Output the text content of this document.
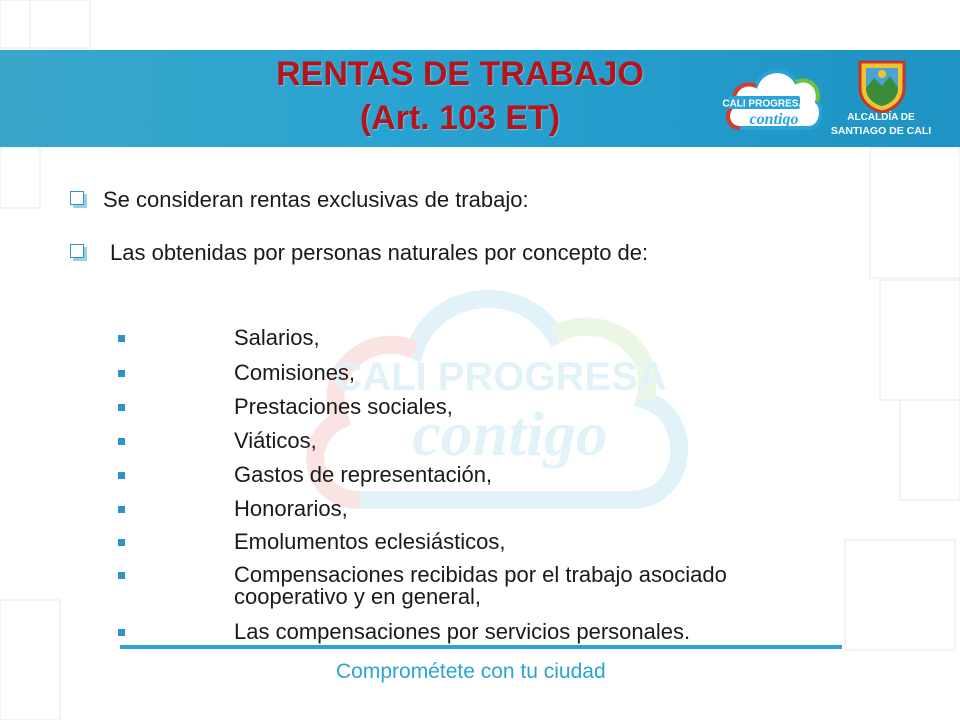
CALI PROGRESA
contigo
RENTAS DE TRABAJO
(Art. 103 ET)	CALI PROGRESA
contigo	ALCALDÍA DE
SANTIAGO DE CALI
Se consideran rentas exclusivas de trabajo:
Las obtenidas por personas naturales por concepto de:
Salarios,
Comisiones,
Prestaciones sociales,
Viáticos,
Gastos de representación,
Honorarios,
Emolumentos eclesiásticos,
Compensaciones recibidas por el trabajo asociado
cooperativo y en general,
Las compensaciones por servicios personales.
Comprométete con tu ciudad
